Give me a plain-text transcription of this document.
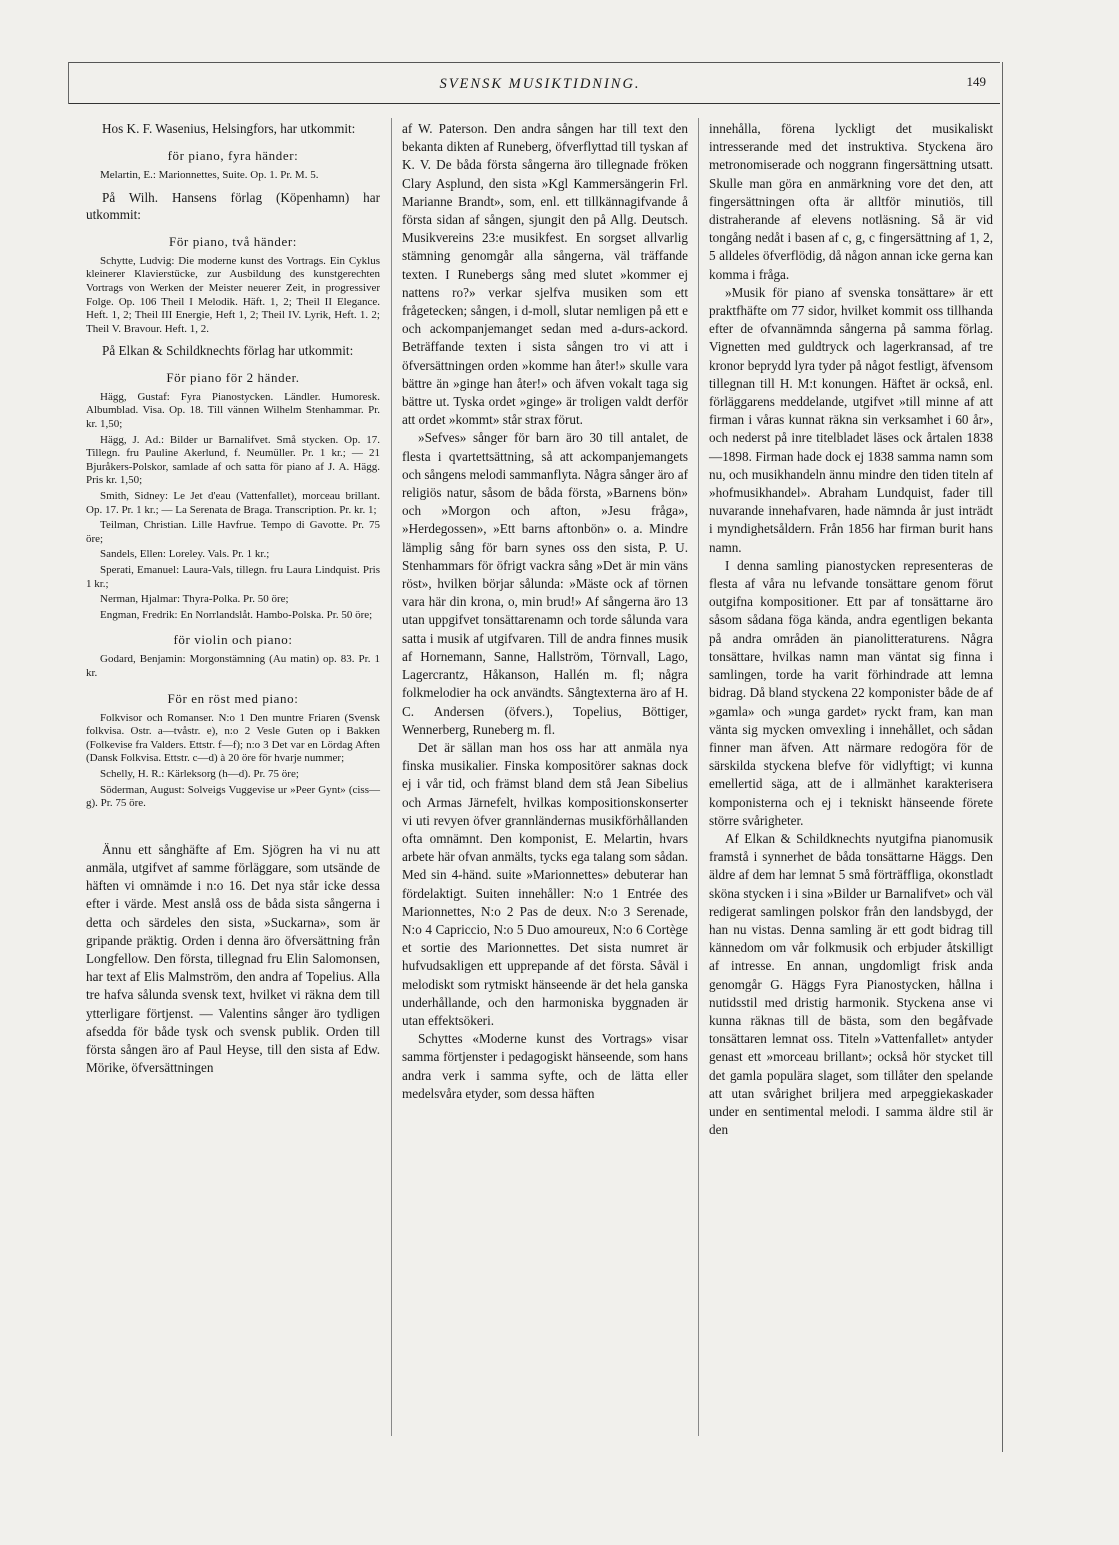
SVENSK MUSIKTIDNING.	149

Hos K. F. Wasenius, Helsingfors, har utkommit:

för piano, fyra händer:

Melartin, E.: Marionnettes, Suite. Op. 1. Pr. M. 5.

På Wilh. Hansens förlag (Köpenhamn) har utkommit:

För piano, två händer:

Schytte, Ludvig: Die moderne kunst des Vortrags. Ein Cyklus kleinerer Klavierstücke, zur Ausbildung des kunstgerechten Vortrags von Werken der Meister neuerer Zeit, in progressiver Folge. Op. 106 Theil I Melodik. Häft. 1, 2; Theil II Elegance. Heft. 1, 2; Theil III Energie, Heft 1, 2; Theil IV. Lyrik, Heft. 1. 2; Theil V. Bravour. Heft. 1, 2.

På Elkan & Schildknechts förlag har utkommit:

För piano för 2 händer.

Hägg, Gustaf: Fyra Pianostycken. Ländler. Humoresk. Albumblad. Visa. Op. 18. Till vännen Wilhelm Stenhammar. Pr. kr. 1,50;

Hägg, J. Ad.: Bilder ur Barnalifvet. Små stycken. Op. 17. Tillegn. fru Pauline Akerlund, f. Neumüller. Pr. 1 kr.; — 21 Bjuråkers-Polskor, samlade af och satta för piano af J. A. Hägg. Pris kr. 1,50;

Smith, Sidney: Le Jet d'eau (Vattenfallet), morceau brillant. Op. 17. Pr. 1 kr.; — La Serenata de Braga. Transcription. Pr. kr. 1;

Teilman, Christian. Lille Havfrue. Tempo di Gavotte. Pr. 75 öre;

Sandels, Ellen: Loreley. Vals. Pr. 1 kr.;

Sperati, Emanuel: Laura-Vals, tillegn. fru Laura Lindquist. Pris 1 kr.;

Nerman, Hjalmar: Thyra-Polka. Pr. 50 öre;

Engman, Fredrik: En Norrlandslåt. Hambo-Polska. Pr. 50 öre;

för violin och piano:

Godard, Benjamin: Morgonstämning (Au matin) op. 83. Pr. 1 kr.

För en röst med piano:

Folkvisor och Romanser. N:o 1 Den muntre Friaren (Svensk folkvisa. Ostr. a—tvåstr. e), n:o 2 Vesle Guten op i Bakken (Folkevise fra Valders. Ettstr. f—f); n:o 3 Det var en Lördag Aften (Dansk Folkvisa. Ettstr. c—d) à 20 öre för hvarje nummer;

Schelly, H. R.: Kärleksorg (h—d). Pr. 75 öre;

Söderman, August: Solveigs Vuggevise ur »Peer Gynt» (ciss—g). Pr. 75 öre.

Ännu ett sånghäfte af Em. Sjögren ha vi nu att anmäla, utgifvet af samme förläggare, som utsände de häften vi omnämde i n:o 16. Det nya står icke dessa efter i värde. Mest anslå oss de båda sista sångerna i detta och särdeles den sista, »Suckarna», som är gripande präktig. Orden i denna äro öfversättning från Longfellow. Den första, tillegnad fru Elin Salomonsen, har text af Elis Malmström, den andra af Topelius. Alla tre hafva sålunda svensk text, hvilket vi räkna dem till ytterligare förtjenst. — Valentins sånger äro tydligen afsedda för både tysk och svensk publik. Orden till första sången äro af Paul Heyse, till den sista af Edw. Mörike, öfversättningen

af W. Paterson. Den andra sången har till text den bekanta dikten af Runeberg, öfverflyttad till tyskan af K. V. De båda första sångerna äro tillegnade fröken Clary Asplund, den sista »Kgl Kammersängerin Frl. Marianne Brandt», som, enl. ett tillkännagifvande å första sidan af sången, sjungit den på Allg. Deutsch. Musikvereins 23:e musikfest. En sorgset allvarlig stämning genomgår alla sångerna, väl träffande texten. I Runebergs sång med slutet »kommer ej nattens ro?» verkar sjelfva musiken som ett frågetecken; sången, i d-moll, slutar nemligen på ett e och ackompanjemanget sedan med a-durs-ackord. Beträffande texten i sista sången tro vi att i öfversättningen orden »komme han åter!» skulle vara bättre än »ginge han åter!» och äfven vokalt taga sig bättre ut. Tyska ordet »ginge» är troligen valdt derför att ordet »kommt» står strax förut.

»Sefves» sånger för barn äro 30 till antalet, de flesta i qvartettsättning, så att ackompanjemangets och sångens melodi sammanflyta. Några sånger äro af religiös natur, såsom de båda första, »Barnens bön» och »Morgon och afton, »Jesu fråga», »Herdegossen», »Ett barns aftonbön» o. a. Mindre lämplig sång för barn synes oss den sista, P. U. Stenhammars för öfrigt vackra sång »Det är min väns röst», hvilken börjar sålunda: »Mäste ock af törnen vara här din krona, o, min brud!» Af sångerna äro 13 utan uppgifvet tonsättarenamn och torde sålunda vara satta i musik af utgifvaren. Till de andra finnes musik af Hornemann, Sanne, Hallström, Törnvall, Lago, Lagercrantz, Håkanson, Hallén m. fl; några folkmelodier ha ock användts. Sångtexterna äro af H. C. Andersen (öfvers.), Topelius, Böttiger, Wennerberg, Runeberg m. fl.

Det är sällan man hos oss har att anmäla nya finska musikalier. Finska kompositörer saknas dock ej i vår tid, och främst bland dem stå Jean Sibelius och Armas Järnefelt, hvilkas kompositionskonserter vi uti revyen öfver grannländernas musikförhållanden ofta omnämnt. Den komponist, E. Melartin, hvars arbete här ofvan anmälts, tycks ega talang som sådan. Med sin 4-händ. suite »Marionnettes» debuterar han fördelaktigt. Suiten innehåller: N:o 1 Entrée des Marionnettes, N:o 2 Pas de deux. N:o 3 Serenade, N:o 4 Capriccio, N:o 5 Duo amoureux, N:o 6 Cortège et sortie des Marionnettes. Det sista numret är hufvudsakligen ett upprepande af det första. Såväl i melodiskt som rytmiskt hänseende är det hela ganska underhållande, och den harmoniska byggnaden är utan effektsökeri.

Schyttes «Moderne kunst des Vortrags» visar samma förtjenster i pedagogiskt hänseende, som hans andra verk i samma syfte, och de lätta eller medelsvåra etyder, som dessa häften

innehålla, förena lyckligt det musikaliskt intresserande med det instruktiva. Styckena äro metronomiserade och noggrann fingersättning utsatt. Skulle man göra en anmärkning vore det den, att fingersättningen ofta är alltför minutiös, till distraherande af elevens notläsning. Så är vid tongång nedåt i basen af c, g, c fingersättning af 1, 2, 5 alldeles öfverflödig, då någon annan icke gerna kan komma i fråga.

»Musik för piano af svenska tonsättare» är ett praktfhäfte om 77 sidor, hvilket kommit oss tillhanda efter de ofvannämnda sångerna på samma förlag. Vignetten med guldtryck och lagerkransad, af tre kronor beprydd lyra tyder på något festligt, äfvensom tillegnan till H. M:t konungen. Häftet är också, enl. förläggarens meddelande, utgifvet »till minne af att firman i våras kunnat räkna sin verksamhet i 60 år», och nederst på inre titelbladet läses ock årtalen 1838—1898. Firman hade dock ej 1838 samma namn som nu, och musikhandeln ännu mindre den tiden titeln af »hofmusikhandel». Abraham Lundquist, fader till nuvarande innehafvaren, hade nämnda år just inträdt i myndighetsåldern. Från 1856 har firman burit hans namn.

I denna samling pianostycken representeras de flesta af våra nu lefvande tonsättare genom förut outgifna kompositioner. Ett par af tonsättarne äro såsom sådana föga kända, andra egentligen bekanta på andra områden än pianolitteraturens. Några tonsättare, hvilkas namn man väntat sig finna i samlingen, torde ha varit förhindrade att lemna bidrag. Då bland styckena 22 komponister både de af »gamla» och »unga gardet» ryckt fram, kan man vänta sig mycken omvexling i innehållet, och sådan finner man äfven. Att närmare redogöra för de särskilda styckena blefve för vidlyftigt; vi kunna emellertid säga, att de i allmänhet karakterisera komponisterna och ej i tekniskt hänseende förete större svårigheter.

Af Elkan & Schildknechts nyutgifna pianomusik framstå i synnerhet de båda tonsättarne Häggs. Den äldre af dem har lemnat 5 små förträffliga, okonstladt sköna stycken i i sina »Bilder ur Barnalifvet» och väl redigerat samlingen polskor från den landsbygd, der han nu vistas. Denna samling är ett godt bidrag till kännedom om vår folkmusik och erbjuder åtskilligt af intresse. En annan, ungdomligt frisk anda genomgår G. Häggs Fyra Pianostycken, hållna i nutidsstil med dristig harmonik. Styckena anse vi kunna räknas till de bästa, som den begåfvade tonsättaren lemnat oss. Titeln »Vattenfallet» antyder genast ett »morceau brillant»; också hör stycket till det gamla populära slaget, som tillåter den spelande att utan svårighet briljera med arpeggiekaskader under en sentimental melodi. I samma äldre stil är den
